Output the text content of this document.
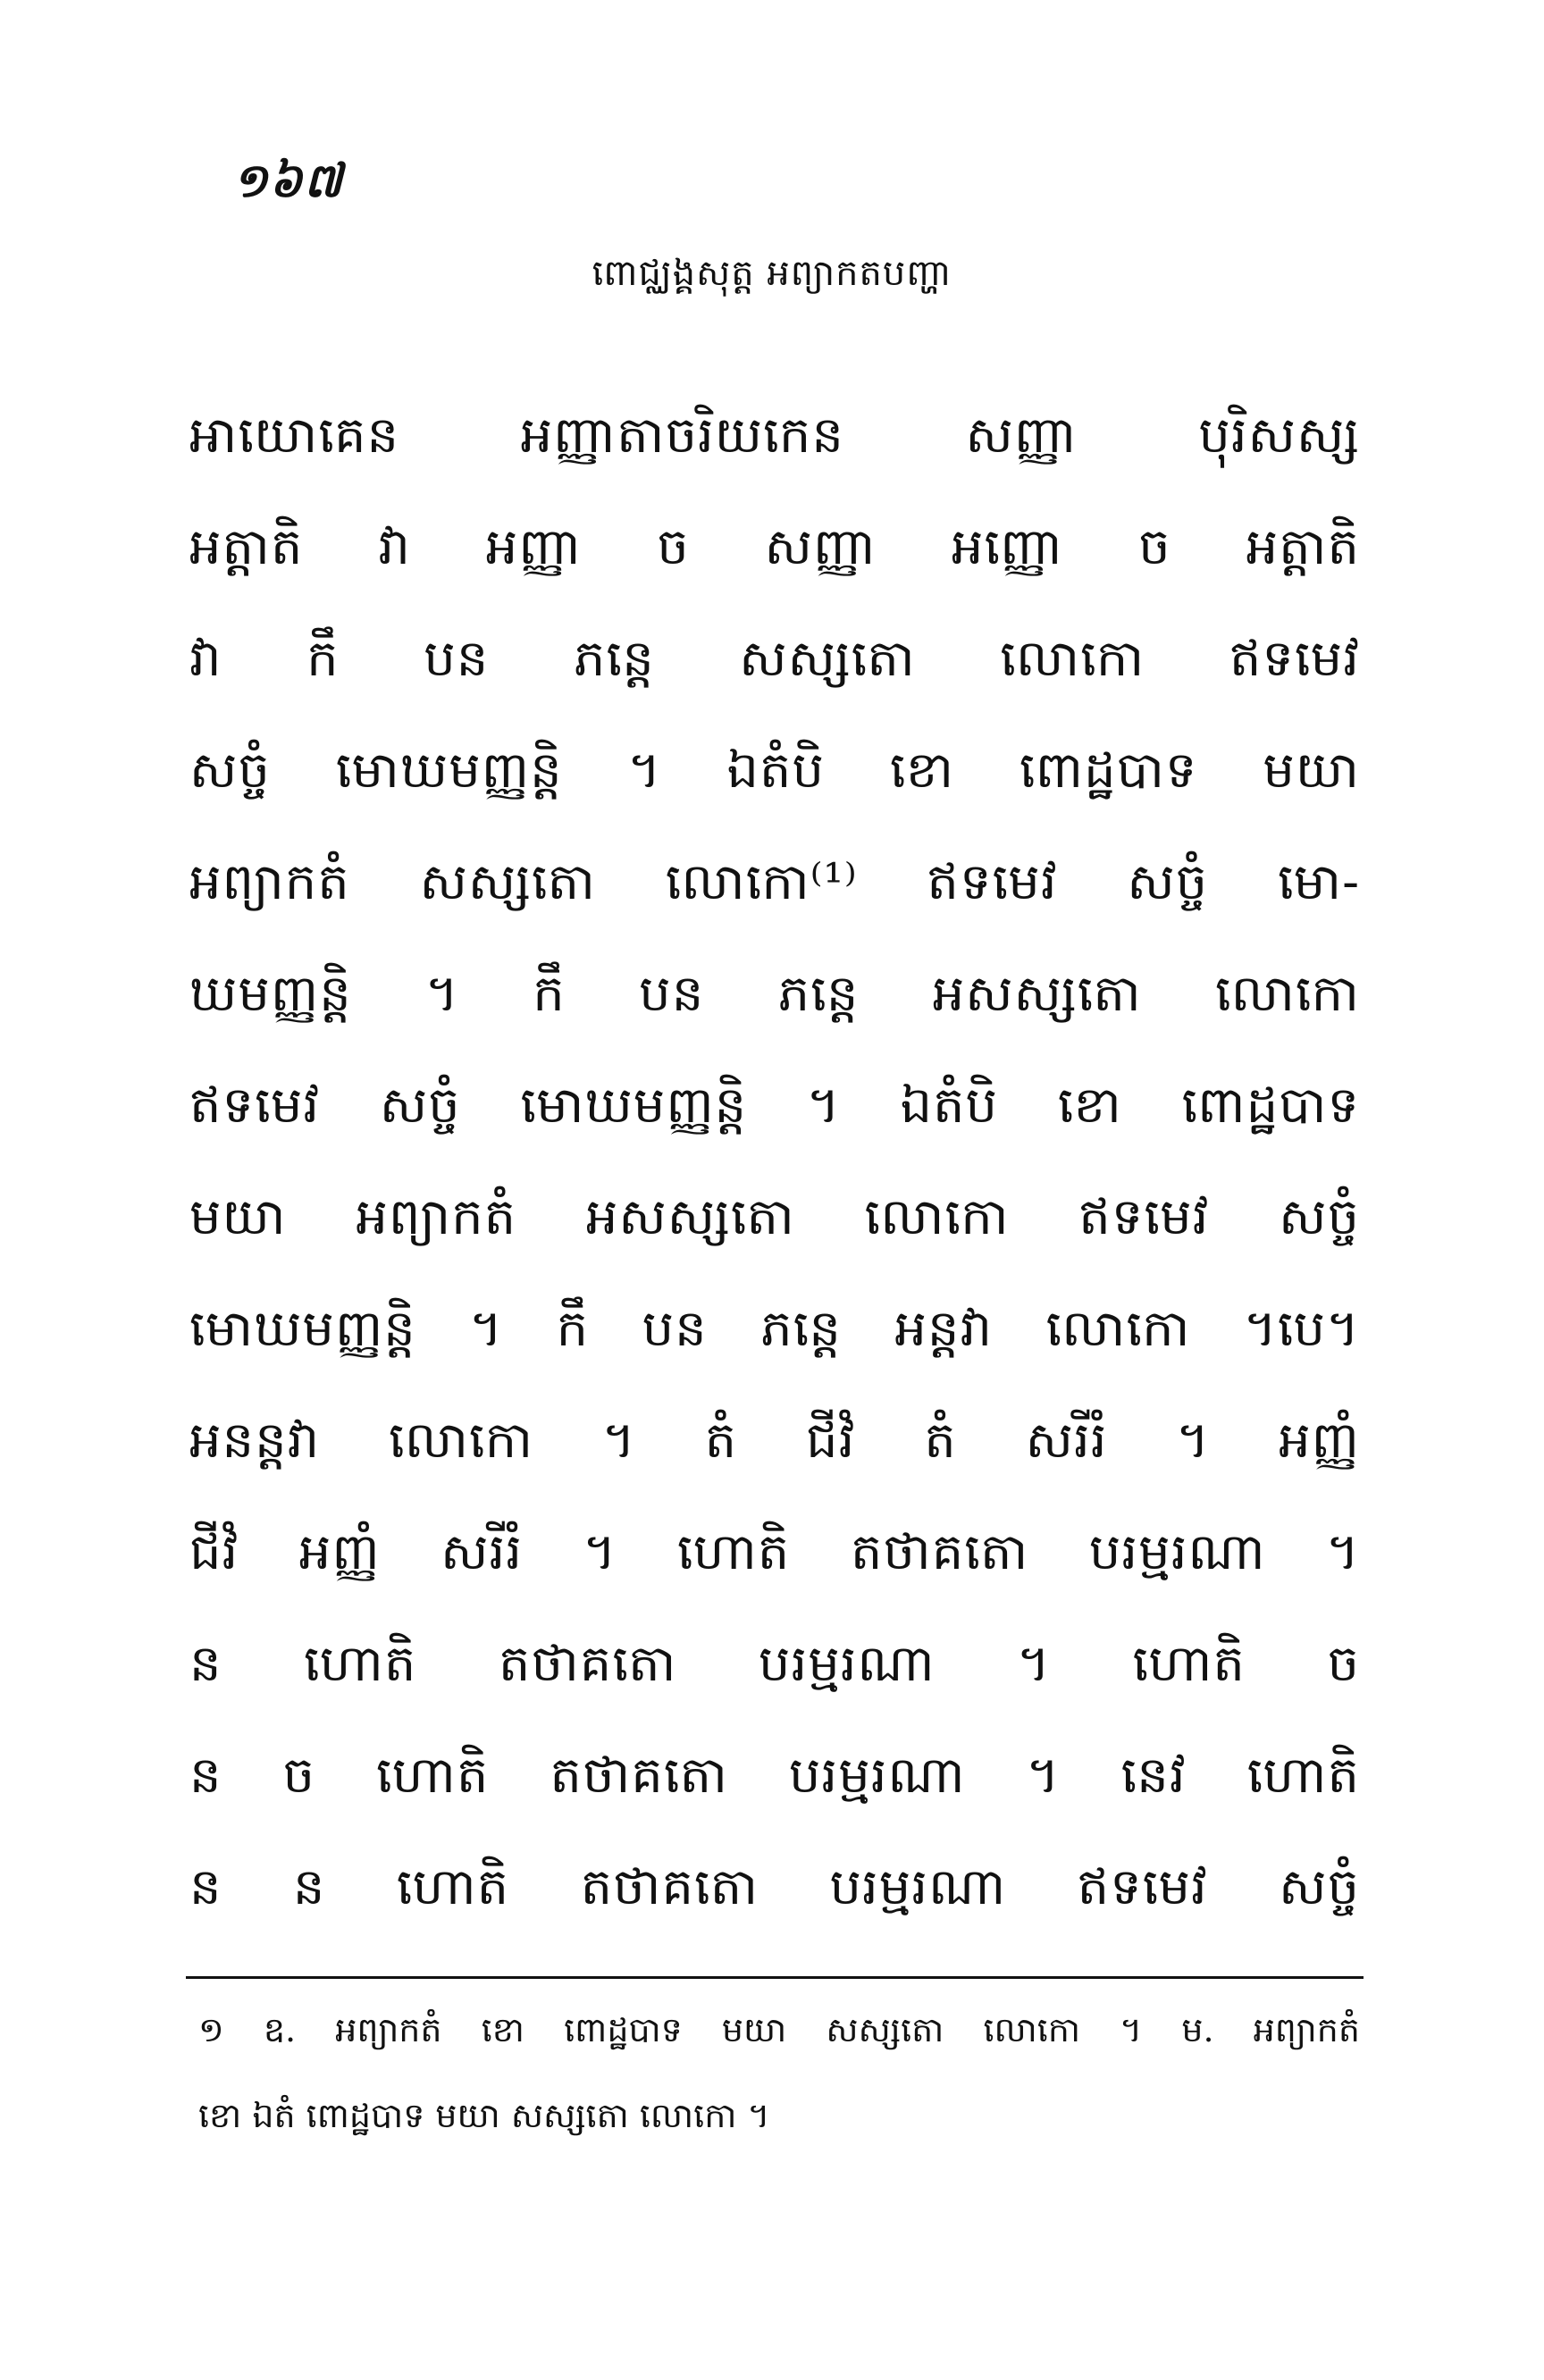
១៦៧
ពោជ្ឈង្គសុត្ត អព្យាកតបញ្ហា
អាយោគេន អញ្ញាតាចរិយកេន សញ្ញា បុរិសស្ស
អត្តាតិ វា អញ្ញា ច សញ្ញា អញ្ញោ ច អត្តាតិ
វា កឹ បន ភន្តេ សស្សតោ លោកោ ឥទមេវ
សច្ចំ មោឃមញ្ញន្តិ ។ ឯតំបិ ខោ ពោដ្ឋបាទ មយា
អព្យាកតំ សស្សតោ លោកោ⁽¹⁾ ឥទមេវ សច្ចំ មោ-
ឃមញ្ញន្តិ ។ កឹ បន ភន្តេ អសស្សតោ លោកោ
ឥទមេវ សច្ចំ មោឃមញ្ញន្តិ ។ ឯតំបិ ខោ ពោដ្ឋបាទ
មយា អព្យាកតំ អសស្សតោ លោកោ ឥទមេវ សច្ចំ
មោឃមញ្ញន្តិ ។ កឹ បន ភន្តេ អន្តវា លោកោ ។បេ។
អនន្តវា លោកោ ។ តំ ជីវំ តំ សរីរំ ។ អញ្ញំ
ជីវំ អញ្ញំ សរីរំ ។ ហោតិ តថាគតោ បរម្មរណា ។
ន ហោតិ តថាគតោ បរម្មរណា ។ ហោតិ ច
ន ច ហោតិ តថាគតោ បរម្មរណា ។ នេវ ហោតិ
ន ន ហោតិ តថាគតោ បរម្មរណា ឥទមេវ សច្ចំ
១ ឧ. អព្យាកតំ ខោ ពោដ្ឋបាទ មយា សស្សតោ លោកោ ។ ម. អព្យាកតំ
ខោ ឯតំ ពោដ្ឋបាទ មយា សស្សតោ លោកោ ។
